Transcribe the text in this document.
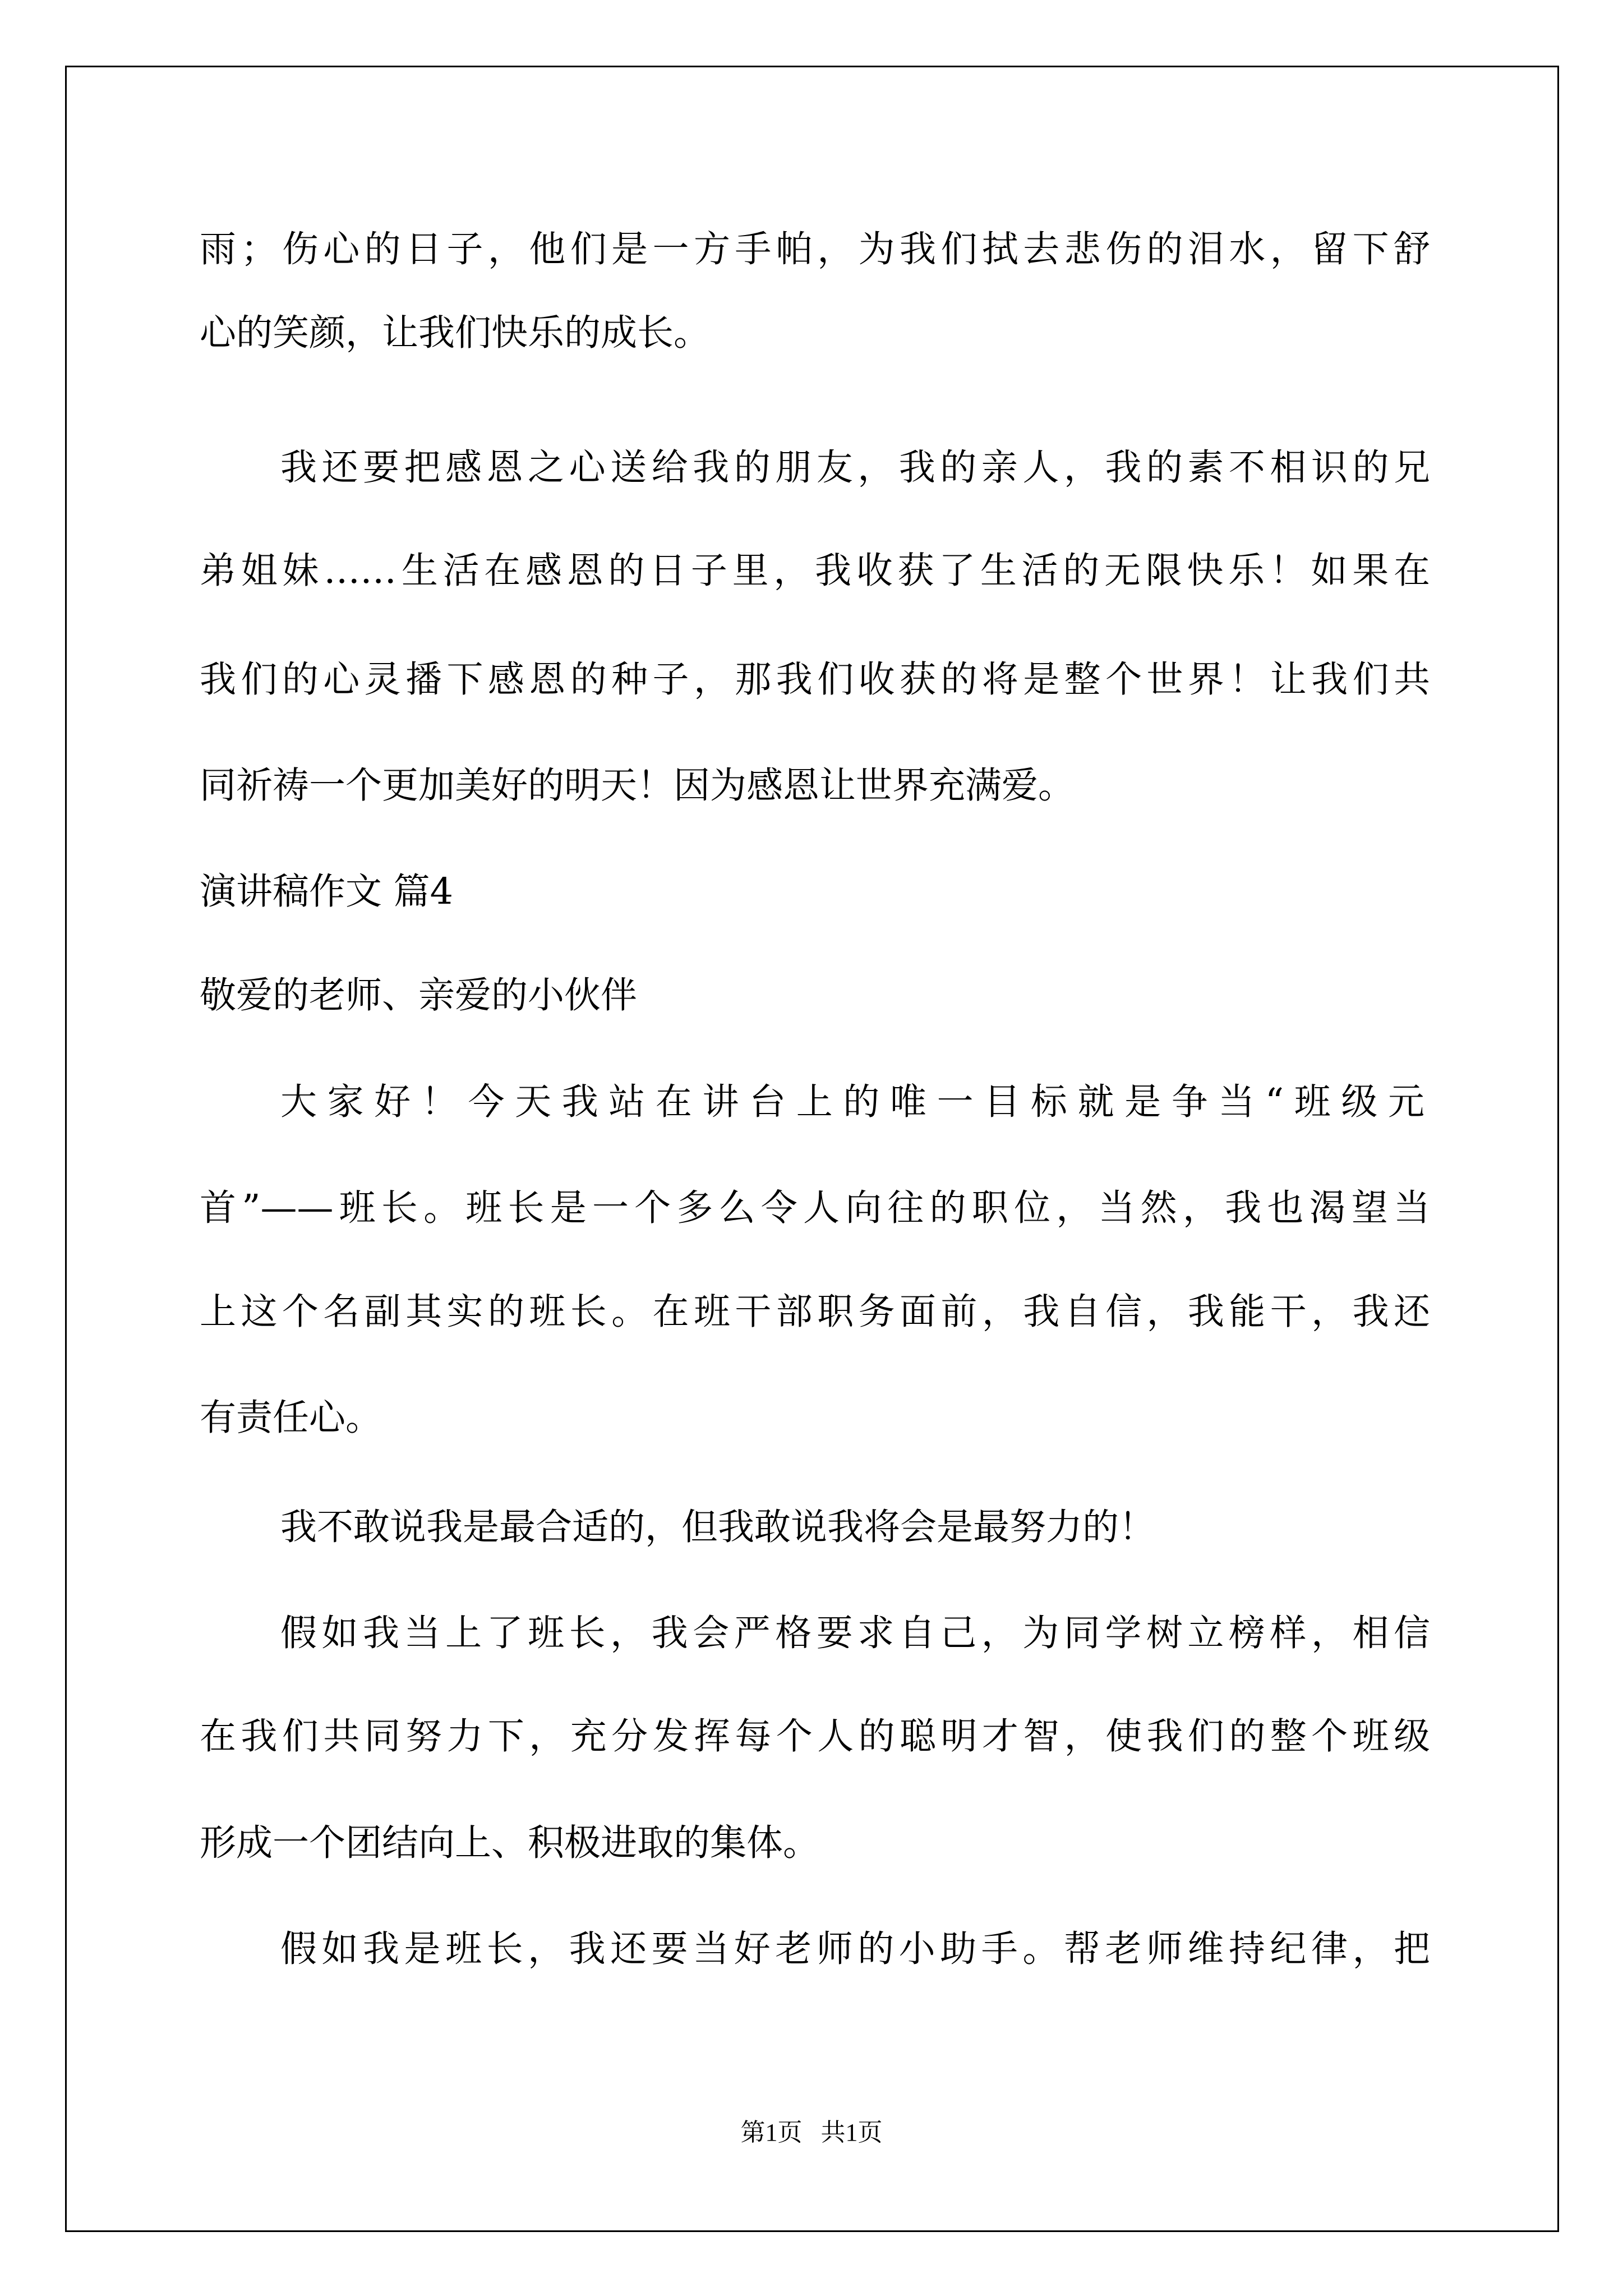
雨；伤心的日子，他们是一方手帕，为我们拭去悲伤的泪水，留下舒

心的笑颜，让我们快乐的成长。

我还要把感恩之心送给我的朋友，我的亲人，我的素不相识的兄

弟姐妹……生活在感恩的日子里，我收获了生活的无限快乐！如果在

我们的心灵播下感恩的种子，那我们收获的将是整个世界！让我们共

同祈祷一个更加美好的明天！因为感恩让世界充满爱。

演讲稿作文 篇4

敬爱的老师、亲爱的小伙伴

大家好！今天我站在讲台上的唯一目标就是争当“班级元

首”——班长。班长是一个多么令人向往的职位，当然，我也渴望当

上这个名副其实的班长。在班干部职务面前，我自信，我能干，我还

有责任心。

我不敢说我是最合适的，但我敢说我将会是最努力的！

假如我当上了班长，我会严格要求自己，为同学树立榜样，相信

在我们共同努力下，充分发挥每个人的聪明才智，使我们的整个班级

形成一个团结向上、积极进取的集体。

假如我是班长，我还要当好老师的小助手。帮老师维持纪律，把

第1页   共1页
